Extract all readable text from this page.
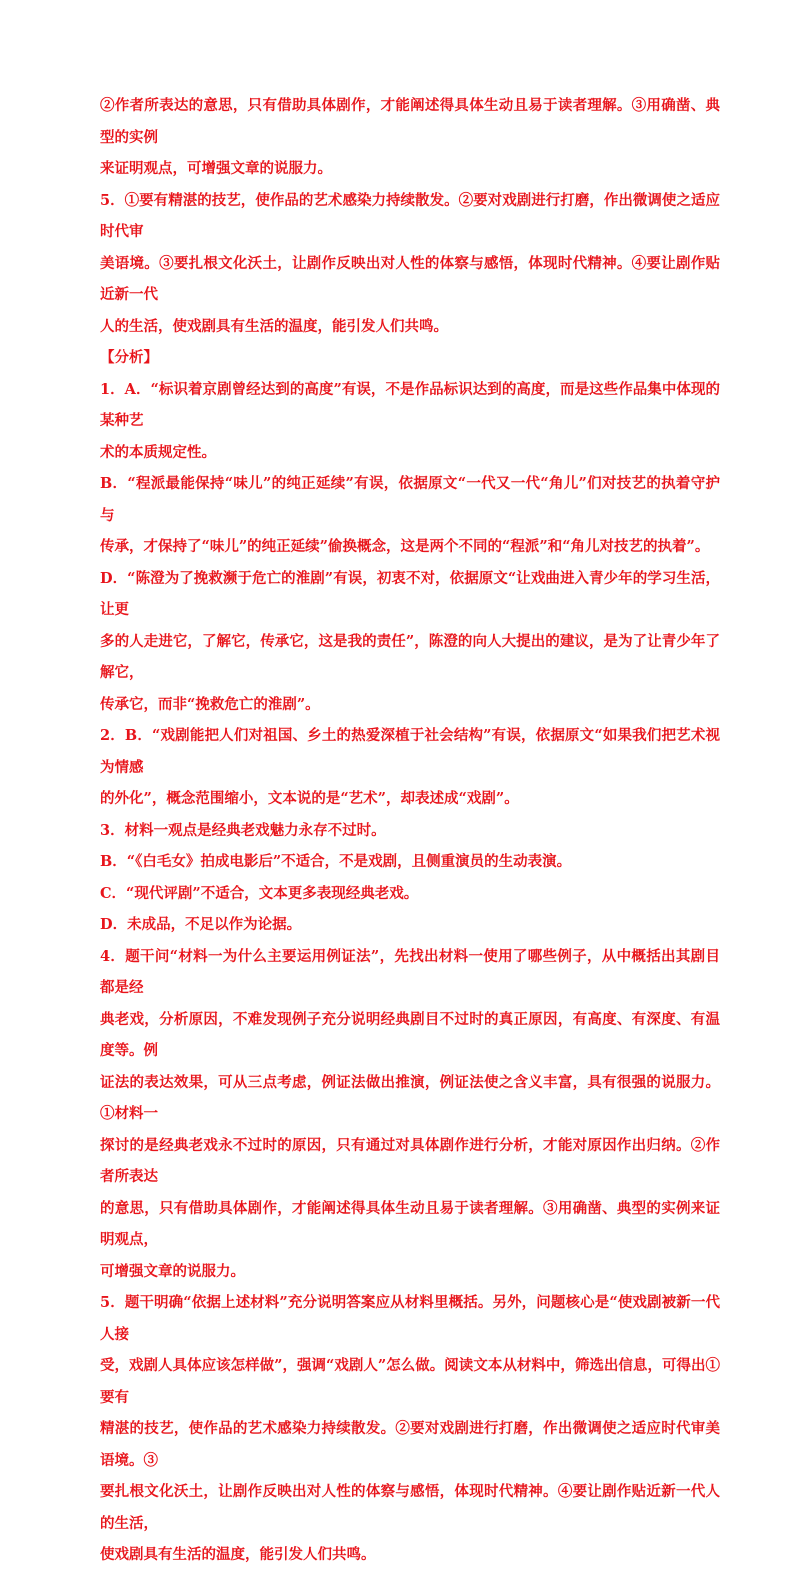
②作者所表达的意思，只有借助具体剧作，才能阐述得具体生动且易于读者理解。③用确凿、典型的实例

来证明观点，可增强文章的说服力。

5．①要有精湛的技艺，使作品的艺术感染力持续散发。②要对戏剧进行打磨，作出微调使之适应时代审

美语境。③要扎根文化沃土，让剧作反映出对人性的体察与感悟，体现时代精神。④要让剧作贴近新一代

人的生活，使戏剧具有生活的温度，能引发人们共鸣。

【分析】

1．A．“标识着京剧曾经达到的高度”有误，不是作品标识达到的高度，而是这些作品集中体现的某种艺

术的本质规定性。

B．“程派最能保持“味儿”的纯正延续”有误，依据原文“一代又一代“角儿”们对技艺的执着守护与

传承，才保持了“味儿”的纯正延续”偷换概念，这是两个不同的“程派”和“角儿对技艺的执着”。

D．“陈澄为了挽救濒于危亡的淮剧”有误，初衷不对，依据原文“让戏曲进入青少年的学习生活，让更

多的人走进它，了解它，传承它，这是我的责任”，陈澄的向人大提出的建议，是为了让青少年了解它，

传承它，而非“挽救危亡的淮剧”。

2．B．“戏剧能把人们对祖国、乡土的热爱深植于社会结构”有误，依据原文“如果我们把艺术视为情感

的外化”，概念范围缩小，文本说的是“艺术”，却表述成“戏剧”。

3．材料一观点是经典老戏魅力永存不过时。

B．“《白毛女》拍成电影后”不适合，不是戏剧，且侧重演员的生动表演。

C．“现代评剧”不适合，文本更多表现经典老戏。

D．未成品，不足以作为论据。

4．题干问“材料一为什么主要运用例证法”，先找出材料一使用了哪些例子，从中概括出其剧目都是经

典老戏，分析原因，不难发现例子充分说明经典剧目不过时的真正原因，有高度、有深度、有温度等。例

证法的表达效果，可从三点考虑，例证法做出推演，例证法使之含义丰富，具有很强的说服力。①材料一

探讨的是经典老戏永不过时的原因，只有通过对具体剧作进行分析，才能对原因作出归纳。②作者所表达

的意思，只有借助具体剧作，才能阐述得具体生动且易于读者理解。③用确凿、典型的实例来证明观点，

可增强文章的说服力。

5．题干明确“依据上述材料”充分说明答案应从材料里概括。另外，问题核心是“使戏剧被新一代人接

受，戏剧人具体应该怎样做”，强调“戏剧人”怎么做。阅读文本从材料中，筛选出信息，可得出①要有

精湛的技艺，使作品的艺术感染力持续散发。②要对戏剧进行打磨，作出微调使之适应时代审美语境。③

要扎根文化沃土，让剧作反映出对人性的体察与感悟，体现时代精神。④要让剧作贴近新一代人的生活，

使戏剧具有生活的温度，能引发人们共鸣。
